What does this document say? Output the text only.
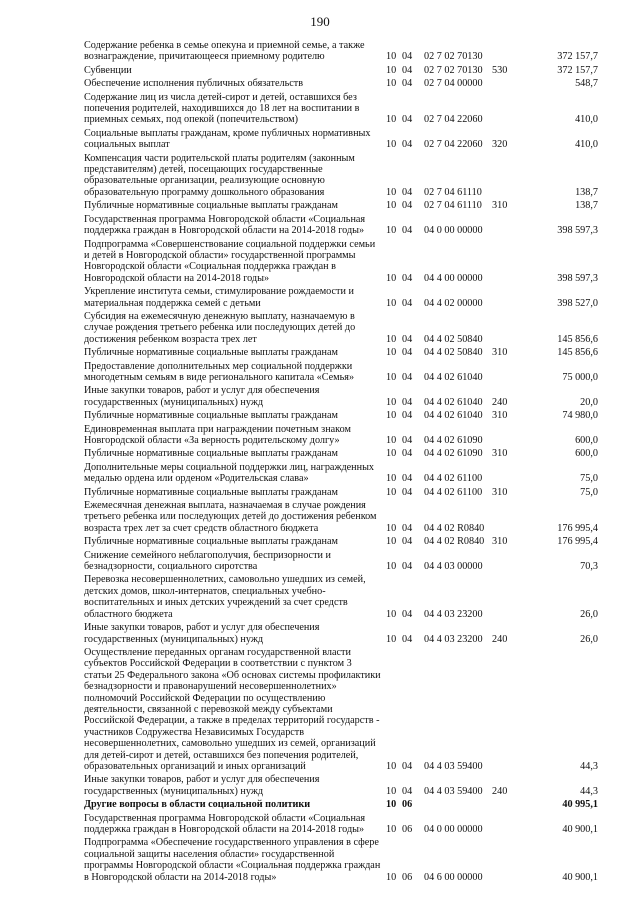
190
Содержание ребенка в семье опекуна и приемной семье, а также вознаграждение, причитающееся приемному родителю	10 04	02 7 02 70130	372 157,7
Субвенции	10 04	02 7 02 70130 530	372 157,7
Обеспечение исполнения публичных обязательств	10 04	02 7 04 00000	548,7
Содержание лиц из числа детей-сирот и детей, оставшихся без попечения родителей, находившихся до 18 лет на воспитании в приемных семьях, под опекой (попечительством)	10 04	02 7 04 22060	410,0
Социальные выплаты гражданам, кроме публичных нормативных социальных выплат	10 04	02 7 04 22060 320	410,0
Компенсация части родительской платы родителям (законным представителям) детей, посещающих государственные образовательные организации, реализующие основную образовательную программу дошкольного образования	10 04	02 7 04 61110	138,7
Публичные нормативные социальные выплаты гражданам	10 04	02 7 04 61110 310	138,7
Государственная программа Новгородской области «Социальная поддержка граждан в Новгородской области на 2014-2018 годы»	10 04	04 0 00 00000	398 597,3
Подпрограмма «Совершенствование социальной поддержки семьи и детей в Новгородской области» государственной программы Новгородской области «Социальная поддержка граждан в Новгородской области на 2014-2018 годы»	10 04	04 4 00 00000	398 597,3
Укрепление института семьи, стимулирование рождаемости и материальная поддержка семей с детьми	10 04	04 4 02 00000	398 527,0
Субсидия на ежемесячную денежную выплату, назначаемую в случае рождения третьего ребенка или последующих детей до достижения ребенком возраста трех лет	10 04	04 4 02 50840	145 856,6
Публичные нормативные социальные выплаты гражданам	10 04	04 4 02 50840 310	145 856,6
Предоставление дополнительных мер социальной поддержки многодетным семьям в виде регионального капитала «Семья»	10 04	04 4 02 61040	75 000,0
Иные закупки товаров, работ и услуг для обеспечения государственных (муниципальных) нужд	10 04	04 4 02 61040 240	20,0
Публичные нормативные социальные выплаты гражданам	10 04	04 4 02 61040 310	74 980,0
Единовременная выплата при награждении почетным знаком Новгородской области «За верность родительскому долгу»	10 04	04 4 02 61090	600,0
Публичные нормативные социальные выплаты гражданам	10 04	04 4 02 61090 310	600,0
Дополнительные меры социальной поддержки лиц, награжденных медалью ордена или орденом «Родительская слава»	10 04	04 4 02 61100	75,0
Публичные нормативные социальные выплаты гражданам	10 04	04 4 02 61100 310	75,0
Ежемесячная денежная выплата, назначаемая в случае рождения третьего ребенка или последующих детей до достижения ребенком возраста трех лет за счет средств областного бюджета	10 04	04 4 02 R0840	176 995,4
Публичные нормативные социальные выплаты гражданам	10 04	04 4 02 R0840 310	176 995,4
Снижение семейного неблагополучия, беспризорности и безнадзорности, социального сиротства	10 04	04 4 03 00000	70,3
Перевозка несовершеннолетних, самовольно ушедших из семей, детских домов, школ-интернатов, специальных учебно-воспитательных и иных детских учреждений за счет средств областного бюджета	10 04	04 4 03 23200	26,0
Иные закупки товаров, работ и услуг для обеспечения государственных (муниципальных) нужд	10 04	04 4 03 23200 240	26,0
Осуществление переданных органам государственной власти субъектов Российской Федерации в соответствии с пунктом 3 статьи 25 Федерального закона «Об основах системы профилактики безнадзорности и правонарушений несовершеннолетних» полномочий Российской Федерации по осуществлению деятельности, связанной с перевозкой между субъектами Российской Федерации, а также в пределах территорий государств - участников Содружества Независимых Государств несовершеннолетних, самовольно ушедших из семей, организаций для детей-сирот и детей, оставшихся без попечения родителей, образовательных организаций и иных организаций	10 04	04 4 03 59400	44,3
Иные закупки товаров, работ и услуг для обеспечения государственных (муниципальных) нужд	10 04	04 4 03 59400 240	44,3
Другие вопросы в области социальной политики	10 06	40 995,1
Государственная программа Новгородской области «Социальная поддержка граждан в Новгородской области на 2014-2018 годы»	10 06	04 0 00 00000	40 900,1
Подпрограмма «Обеспечение государственного управления в сфере социальной защиты населения области» государственной программы Новгородской области «Социальная поддержка граждан в Новгородской области на 2014-2018 годы»	10 06	04 6 00 00000	40 900,1
